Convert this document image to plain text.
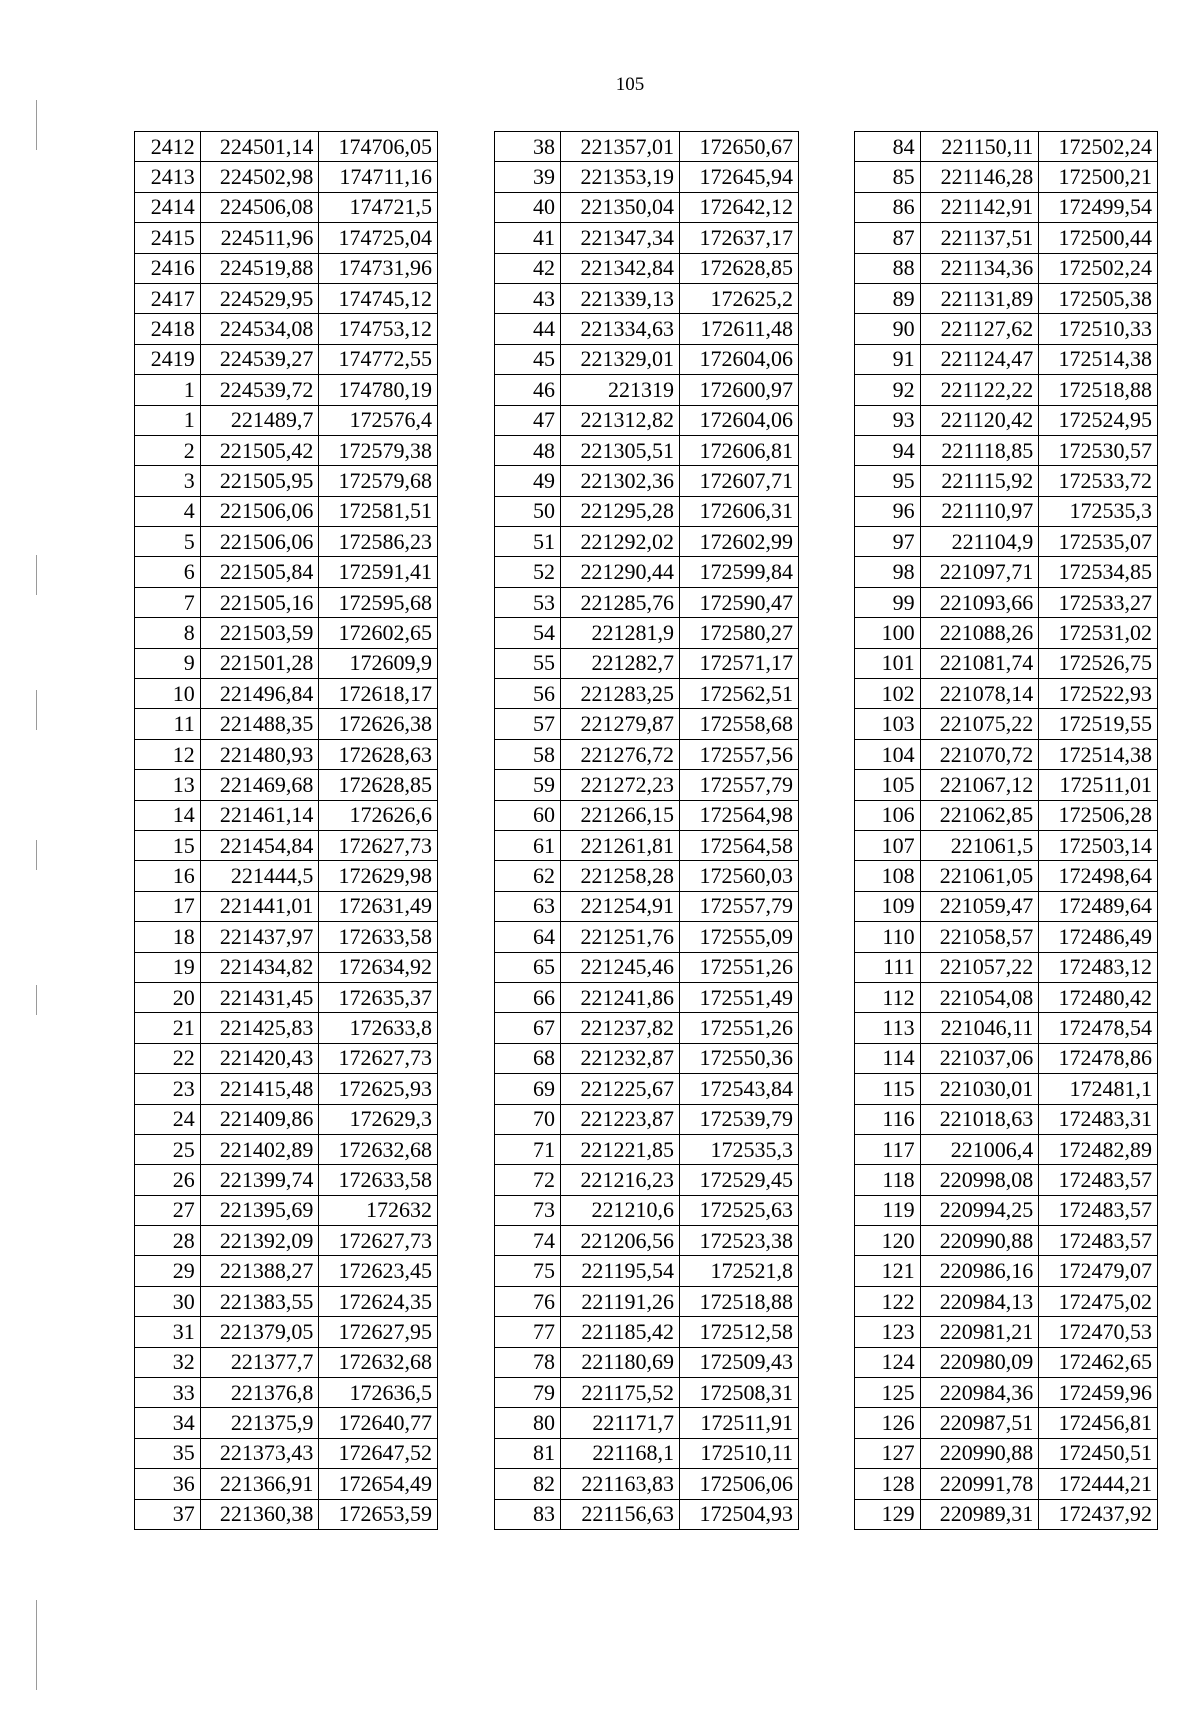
105
2412	224501,14	174706,05
2413	224502,98	174711,16
2414	224506,08	174721,5
2415	224511,96	174725,04
2416	224519,88	174731,96
2417	224529,95	174745,12
2418	224534,08	174753,12
2419	224539,27	174772,55
1	224539,72	174780,19
1	221489,7	172576,4
2	221505,42	172579,38
3	221505,95	172579,68
4	221506,06	172581,51
5	221506,06	172586,23
6	221505,84	172591,41
7	221505,16	172595,68
8	221503,59	172602,65
9	221501,28	172609,9
10	221496,84	172618,17
11	221488,35	172626,38
12	221480,93	172628,63
13	221469,68	172628,85
14	221461,14	172626,6
15	221454,84	172627,73
16	221444,5	172629,98
17	221441,01	172631,49
18	221437,97	172633,58
19	221434,82	172634,92
20	221431,45	172635,37
21	221425,83	172633,8
22	221420,43	172627,73
23	221415,48	172625,93
24	221409,86	172629,3
25	221402,89	172632,68
26	221399,74	172633,58
27	221395,69	172632
28	221392,09	172627,73
29	221388,27	172623,45
30	221383,55	172624,35
31	221379,05	172627,95
32	221377,7	172632,68
33	221376,8	172636,5
34	221375,9	172640,77
35	221373,43	172647,52
36	221366,91	172654,49
37	221360,38	172653,59
38	221357,01	172650,67
39	221353,19	172645,94
40	221350,04	172642,12
41	221347,34	172637,17
42	221342,84	172628,85
43	221339,13	172625,2
44	221334,63	172611,48
45	221329,01	172604,06
46	221319	172600,97
47	221312,82	172604,06
48	221305,51	172606,81
49	221302,36	172607,71
50	221295,28	172606,31
51	221292,02	172602,99
52	221290,44	172599,84
53	221285,76	172590,47
54	221281,9	172580,27
55	221282,7	172571,17
56	221283,25	172562,51
57	221279,87	172558,68
58	221276,72	172557,56
59	221272,23	172557,79
60	221266,15	172564,98
61	221261,81	172564,58
62	221258,28	172560,03
63	221254,91	172557,79
64	221251,76	172555,09
65	221245,46	172551,26
66	221241,86	172551,49
67	221237,82	172551,26
68	221232,87	172550,36
69	221225,67	172543,84
70	221223,87	172539,79
71	221221,85	172535,3
72	221216,23	172529,45
73	221210,6	172525,63
74	221206,56	172523,38
75	221195,54	172521,8
76	221191,26	172518,88
77	221185,42	172512,58
78	221180,69	172509,43
79	221175,52	172508,31
80	221171,7	172511,91
81	221168,1	172510,11
82	221163,83	172506,06
83	221156,63	172504,93
84	221150,11	172502,24
85	221146,28	172500,21
86	221142,91	172499,54
87	221137,51	172500,44
88	221134,36	172502,24
89	221131,89	172505,38
90	221127,62	172510,33
91	221124,47	172514,38
92	221122,22	172518,88
93	221120,42	172524,95
94	221118,85	172530,57
95	221115,92	172533,72
96	221110,97	172535,3
97	221104,9	172535,07
98	221097,71	172534,85
99	221093,66	172533,27
100	221088,26	172531,02
101	221081,74	172526,75
102	221078,14	172522,93
103	221075,22	172519,55
104	221070,72	172514,38
105	221067,12	172511,01
106	221062,85	172506,28
107	221061,5	172503,14
108	221061,05	172498,64
109	221059,47	172489,64
110	221058,57	172486,49
111	221057,22	172483,12
112	221054,08	172480,42
113	221046,11	172478,54
114	221037,06	172478,86
115	221030,01	172481,1
116	221018,63	172483,31
117	221006,4	172482,89
118	220998,08	172483,57
119	220994,25	172483,57
120	220990,88	172483,57
121	220986,16	172479,07
122	220984,13	172475,02
123	220981,21	172470,53
124	220980,09	172462,65
125	220984,36	172459,96
126	220987,51	172456,81
127	220990,88	172450,51
128	220991,78	172444,21
129	220989,31	172437,92
